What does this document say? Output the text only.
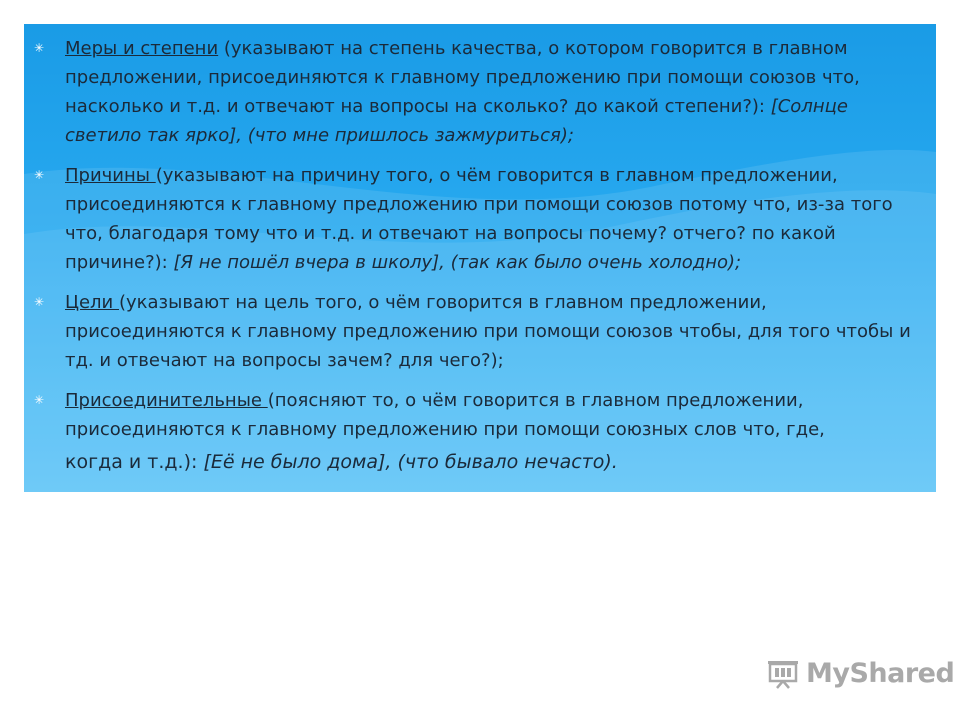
✳ Меры и степени (указывают на степень качества, о котором говорится в главном предложении, присоединяются к главному предложению при помощи союзов что, насколько и т.д. и отвечают на вопросы на сколько? до какой степени?): [Солнце светило так ярко], (что мне пришлось зажмуриться);
✳ Причины (указывают на причину того, о чём говорится в главном предложении, присоединяются к главному предложению при помощи союзов потому что, из-за того что, благодаря тому что и т.д. и отвечают на вопросы почему? отчего? по какой причине?): [Я не пошёл вчера в школу], (так как было очень холодно);
✳ Цели (указывают на цель того, о чём говорится в главном предложении, присоединяются к главному предложению при помощи союзов чтобы, для того чтобы и тд. и отвечают на вопросы зачем? для чего?);
✳ Присоединительные (поясняют то, о чём говорится в главном предложении, присоединяются к главному предложению при помощи союзных слов что, где,
когда и т.д.): [Её не было дома], (что бывало нечасто).
MyShared
